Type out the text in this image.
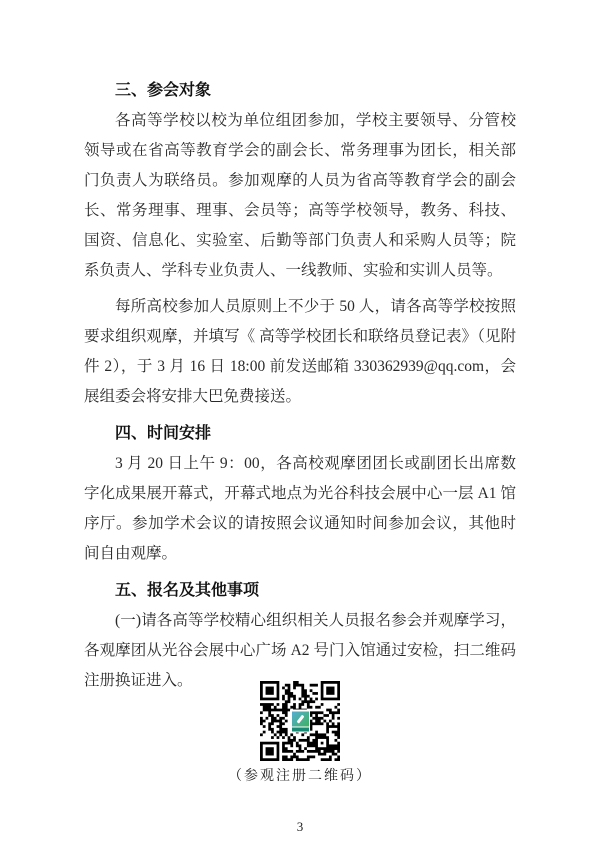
三、参会对象

各高等学校以校为单位组团参加，学校主要领导、分管校领导或在省高等教育学会的副会长、常务理事为团长，相关部门负责人为联络员。参加观摩的人员为省高等教育学会的副会长、常务理事、理事、会员等；高等学校领导，教务、科技、国资、信息化、实验室、后勤等部门负责人和采购人员等；院系负责人、学科专业负责人、一线教师、实验和实训人员等。

每所高校参加人员原则上不少于 50 人，请各高等学校按照要求组织观摩，并填写《 高等学校团长和联络员登记表》（见附件 2），于 3 月 16 日 18:00 前发送邮箱 330362939@qq.com，会展组委会将安排大巴免费接送。

四、时间安排

3 月 20 日上午 9：00，各高校观摩团团长或副团长出席数字化成果展开幕式，开幕式地点为光谷科技会展中心一层 A1 馆序厅。参加学术会议的请按照会议通知时间参加会议，其他时间自由观摩。

五、报名及其他事项

(一)请各高等学校精心组织相关人员报名参会并观摩学习，各观摩团从光谷会展中心广场 A2 号门入馆通过安检，扫二维码注册换证进入。

（参观注册二维码）
3
